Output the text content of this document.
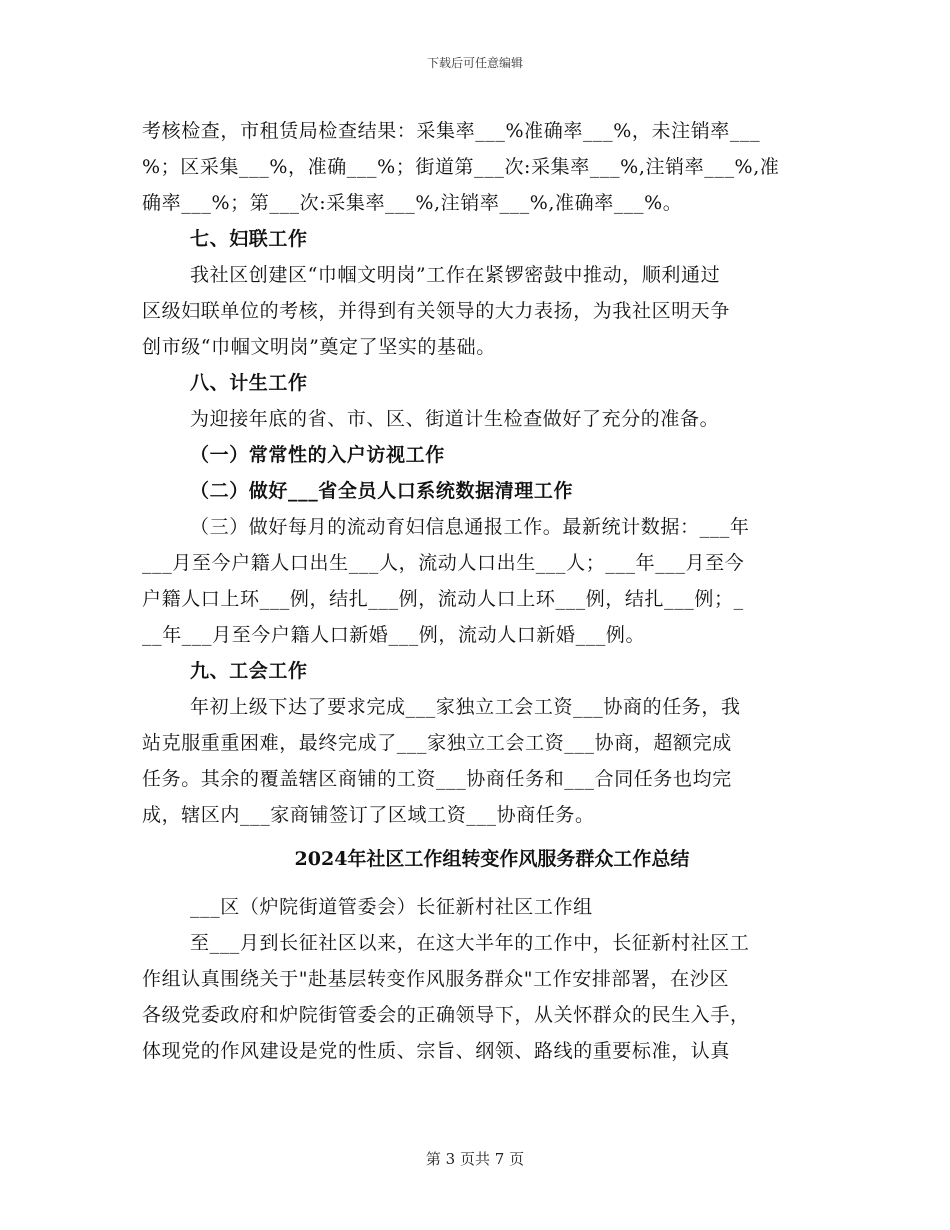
下载后可任意编辑
考核检查，市租赁局检查结果：采集率___%准确率___%，未注销率___
%；区采集___%，准确___%；街道第___次:采集率___%,注销率___%,准
确率___%；第___次:采集率___%,注销率___%,准确率___%。
七、妇联工作
我社区创建区“巾帼文明岗”工作在紧锣密鼓中推动，顺利通过
区级妇联单位的考核，并得到有关领导的大力表扬，为我社区明天争
创市级“巾帼文明岗”奠定了坚实的基础。
八、计生工作
为迎接年底的省、市、区、街道计生检查做好了充分的准备。
（一）常常性的入户访视工作
（二）做好___省全员人口系统数据清理工作
（三）做好每月的流动育妇信息通报工作。最新统计数据：___年
___月至今户籍人口出生___人，流动人口出生___人；___年___月至今
户籍人口上环___例，结扎___例，流动人口上环___例，结扎___例；_
__年___月至今户籍人口新婚___例，流动人口新婚___例。
九、工会工作
年初上级下达了要求完成___家独立工会工资___协商的任务，我
站克服重重困难，最终完成了___家独立工会工资___协商，超额完成
任务。其余的覆盖辖区商铺的工资___协商任务和___合同任务也均完
成，辖区内___家商铺签订了区域工资___协商任务。
2024年社区工作组转变作风服务群众工作总结
___区（炉院街道管委会）长征新村社区工作组
至___月到长征社区以来，在这大半年的工作中，长征新村社区工
作组认真围绕关于"赴基层转变作风服务群众"工作安排部署，在沙区
各级党委政府和炉院街管委会的正确领导下，从关怀群众的民生入手，
体现党的作风建设是党的性质、宗旨、纲领、路线的重要标准，认真
第 3 页共 7 页
